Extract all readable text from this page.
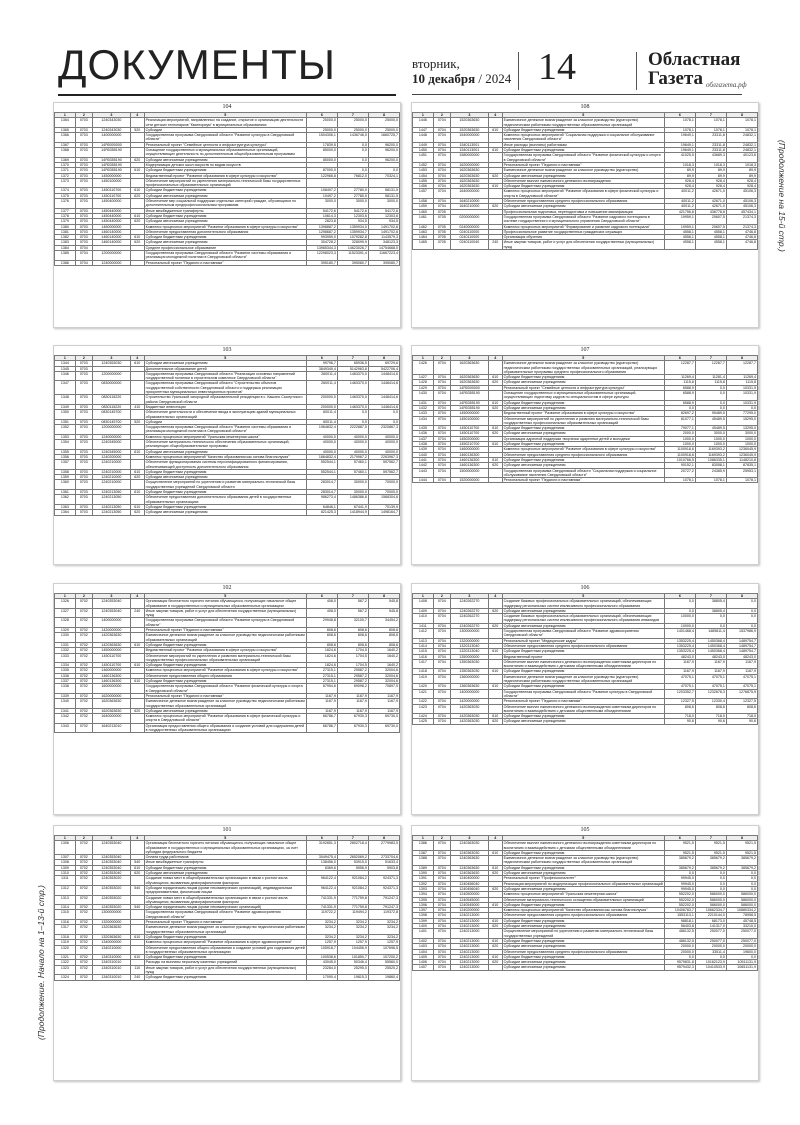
ДОКУМЕНТЫ	вторник,
10 декабря / 2024 14	Областная
Газета облгазета.рф
(Продолжение на 15-й стр.)
(Продолжение. Начало на 1–13-й стр.)
104
1	2	3	4	5	6	7	8
1364	0703	1240343030		Реализация мероприятий, направленных на создание, открытие и организацию деятельности сети детских технопарков "Кванториум" в муниципальных образованиях	25000,0	25000,0	25000,0
1365	0703	1240343030	520	Субсидии	25000,0	25000,0	25000,0
1366	0703	1400000000		Государственная программа Свердловской области "Развитие культуры в Свердловской области"	1504306,1	1436746,0	1660725,7
1367	0703	14Я0000000		Региональный проект "Семейные ценности и инфраструктура культуры"	17839,5	0,0	96200,0
1368	0703	14Я0355190		Оснащение государственных и муниципальных образовательных организаций, осуществляющих деятельность по дополнительным общеобразовательным программам	85000,0	0,0	96200,0
1369	0703	14Я0355190	620	Субсидии автономным учреждениям	85000,0	0,0	96200,0
1370	0703	14Я0355190		Модернизация детских школ искусств по видам искусств			
1371	0703	14Я0355190	610	Субсидии бюджетным учреждениям	87000,0	0,0	0,0
1372	0703	1450000000		Ведомственный проект "Развитие образования в сфере культуры и искусства"	122968,8	76812,0	70324,1
1373	0703	1450100000		Обеспечение мероприятий по укреплению материально-технической базы государственных профессиональных образовательных организаций			
1374	0703	1450110700	610	Субсидии бюджетным учреждениям	108497,2	27780,0	58131,5
1375	0703	1450110700	620	Субсидии автономным учреждениям	10497,2	27780,0	58131,5
1376	0703	1450400000		Обеспечение мер социальной поддержки отдельных категорий граждан, обучающихся по дополнительным предпрофессиональным программам	3000,0	3000,0	3000,0
1377	0703	1450440000		Иные межбюджетные трансферты	54172,6	54172,6	54172,6
1378	0703	1450440000	610	Субсидии бюджетным учреждениям	10614,3	12303,6	12303,6
1379	0703	1450440000	620	Субсидии автономным учреждениям	2823,8	934,5	934,5
1380	0703	1460000000		Комплекс процессных мероприятий "Развитие образования в сфере культуры и искусства"	1398887,2	1359934,0	1491702,6
1381	0703	1460140000		Обеспечение предоставления дополнительного образования	1298687,2	1359934,7	1491702,6
1382	0703	1460140000	610	Субсидии бюджетным учреждениям	993959,0	1079282,8	1143579,3
1383	0703	1460140000	620	Субсидии автономным учреждениям	304728,2	328099,9	348123,3
1384	0704			Среднее профессиональное образование	13965344,3	14623026,7	14754668,0
1385	0704	1200000000		Государственная программа Свердловской области "Развитие системы образования и реализация молодежной политики в Свердловской области"	12298023,3	11523391,4	11667223,4
1386	0704	1240000000		Региональный проект "Педагоги и наставники"	395180,7	395080,7	395080,7
108
1	2	3	4	5	6	7	8
1446	0704	1520363630		Ежемесячное денежное вознаграждение за классное руководство (кураторство) педагогическим работникам государственных образовательных организаций	1078,1	1078,1	1078,1
1447	0704	1520363630	610	Субсидии бюджетным учреждениям	1078,1	1078,1	1078,1
1448	0704	1540000000		Комплекс процессных мероприятий "Социальная поддержка и социальное обслуживание населения Свердловской области"	19649,1	23311,8	24832,1
1449	0704	1540113001		Иные расходы (выплаты) работникам	19649,1	23311,8	24832,1
1450	0704	1540113001	610	Субсидии бюджетным учреждениям	19649,1	23311,8	24832,1
1451	0704	1580000000		Государственная программа Свердловской области "Развитие физической культуры и спорта в Свердловской области"	41025,5	43689,3	40123,6
1452	0704	1620000000		Региональный проект "Педагоги и наставники"	1018,3	1018,3	1018,3
1453	0704	1620363630		Ежемесячное денежное вознаграждение за классное руководство (кураторство)	89,9	89,9	89,9
1454	0704	1620363630	620	Субсидии автономным учреждениям	89,9	89,9	89,9
1455	0704	1620363630		Обеспечение выплат ежемесячного денежного вознаграждения	928,4	928,4	928,4
1456	0704	1620363630	610	Субсидии бюджетным учреждениям	928,4	928,4	928,4
1457	0704	1640000000		Комплекс процессных мероприятий "Развитие образования в сфере физической культуры и спорта в Свердловской области"	40011,2	42671,0	45106,3
1458	0704	1640210000		Обеспечение предоставления среднего профессионального образования	40011,2	42671,0	45106,3
1459	0704	1640210000	620	Субсидии автономным учреждениям	40011,2	42671,0	45106,3
1460	0705			Профессиональная подготовка, переподготовка и повышение квалификации	421756,8	436778,8	457434,1
1461	0705	0200000000		Государственная программа Свердловской области "Развитие кадрового потенциала в системе государственного и муниципального управления Свердловской области"	19959,1	20607,5	21374,3
1462	0705	0240000000		Комплекс процессных мероприятий "Формирование и развитие кадрового потенциала"	19959,1	20607,5	21374,3
1463	0705	0240110000		Профессиональное развитие государственных гражданских служащих	4558,1	4558,1	4746,8
1464	0705	0240110000		Организация обучения	4558,1	4558,1	4746,8
1465	0705	0240110040	240	Иные закупки товаров, работ и услуг для обеспечения государственных (муниципальных) нужд	4558,1	4558,1	4746,8
103
1	2	3	4	5	6	7	8
1344	0703	1240353030	610	Субсидии автономным учреждениям	99796,7	65936,5	69729,6
1345	0703			Дополнительное образование детей	3849349,4	5142963,8	5422706,4
1346	0703	1200000000		Государственная программа Свердловской области "Реализация основных направлений государственной политики в строительном комплексе Свердловской области"	260011,4	1463370,0	1448414,6
1347	0703	0830000000		Государственная программа Свердловской области "Строительство объектов государственной собственности Свердловской области и поддержка реализации приоритетных муниципальных инвестиционных проектов"	260011,4	1463370,0	1448414,6
1348	0703	0830115220		Строительство Уральской загородной образовательной резиденции в с. Кашино Сысертского района Свердловской области	200000,0	1463370,0	1448414,6
1349	0703	0830115220	410	Бюджетные инвестиции	200000,0	1463370,0	1448414,6
1350	0703	0830145700		Обеспечение деятельности и обеспечение ввода в эксплуатацию зданий муниципальных образовательных организаций	60011,4	0,0	0,0
1351	0703	0830145700	520	Субсидии	60011,4	0,0	0,0
1352	0703	1200000000		Государственная программа Свердловской области "Развитие системы образования и реализация молодежной политики в Свердловской области"	1964832,4	2222887,5	2320867,3
1353	0703	1240000000		Комплекс процессных мероприятий "Уральская инженерная школа"	40000,0	40000,0	40000,0
1354	0703	1240345000		Обеспечение материально-технического обеспечения образовательных организаций, реализующих общеобразовательные программы	40000,0	40000,0	40000,0
1355	0703	1240345000	610	Субсидии автономным учреждениям	40000,0	40000,0	40000,0
1356	0703	1240200000		Комплекс процессных мероприятий "Качество образования как основа благополучия"	1864832,4	2179967,2	2263967,3
1357	0703	1240210000		Обеспечение функционирования системы персонифицированного финансирования, обеспечивающей доступность дополнительного образования	552544,1	57460,1	597562,7
1358	0703	1240210000	610	Субсидии бюджетным учреждениям	552544,1	57460,1	597562,7
1359	0703	1240210000	620	Субсидии автономным учреждениям			
1360	0703	1240210000		Осуществление мероприятий по укреплению и развитию материально-технической базы государственных учреждений Свердловской области	283014,7	30000,0	70000,0
1361	0703	1240213050	610	Субсидии бюджетным учреждениям	283014,7	30000,0	70000,0
1362	0703	1240213050		Обеспечение предоставления дополнительного образования детей в государственных образовательных организациях	986273,4	1486386,8	1568304,6
1363	0703	1240213050	610	Субсидии бюджетным учреждениям	64846,1	67441,9	70139,9
1364	0703	1240213050	620	Субсидии автономным учреждениям	821425,3	1418944,9	1498164,7
107
1	2	3	4	5	6	7	8
1426	0704	1620363630		Ежемесячное денежное вознаграждение за классное руководство (кураторство) педагогическим работникам государственных образовательных организаций, реализующих образовательные программы среднего профессионального образования	12287,7	12287,7	12287,7
1427	0704	1620363630	610	Субсидии бюджетным учреждениям	11269,4	11281,4	11269,4
1428	0704	1620363630	620	Субсидии автономным учреждениям	1115,8	1115,8	1115,8
1429	0704	14Я0000000		Региональный проект "Семейные ценности и инфраструктура культуры"	6588,9	0,0	10331,9
1430	0704	14Я0355190		Оснащение государственных и муниципальных образовательных организаций, осуществляющих подготовку кадров по специальностям в сфере культуры	6588,9	0,0	10331,9
1431	0704	14Я0355190	610	Субсидии бюджетным учреждениям	6588,9	0,0	10331,9
1432	0704	14Я0355190	620	Субсидии автономным учреждениям	0,0	0,0	0,0
1433	0704	1450000000		Ведомственный проект "Развитие образования в сфере культуры и искусства"	82697,2	95489,5	77295,0
1434	0704	1450100000		Обеспечение мероприятий по укреплению и развитию материально-технической базы государственных профессиональных образовательных организаций	81077,1	45489,5	15295,0
1435	0704	1450110700	610	Субсидии бюджетным учреждениям	79077,1	45489,5	13295,0
1436	0704	1450110700	620	Субсидии автономным учреждениям	2000,0	3000,0	3000,0
1437	0704	1450200000		Организация адресной поддержки творчески одаренных детей и молодежи	1000,0	1000,0	1000,0
1438	0704	1450210700	610	Субсидии бюджетным учреждениям	1000,0	1000,0	1000,0
1439	0704	1460000000		Комплекс процессных мероприятий "Развитие образования в сфере культуры и искусства"	1100918,6	1169393,2	1236045,9
1440	0704	1460136300		Обеспечение предоставления среднего профессионального образования	1100918,6	1169393,2	1236045,9
1441	0704	1460136300	610	Субсидии бюджетным учреждениям	1010766,5	1086335,1	1148210,8
1442	0704	1460136300	620	Субсидии автономным учреждениям	90152,1	83058,1	87835,1
1443	0704	1500000000		Государственная программа Свердловской области "Социальная поддержка и социальное обслуживание населения Свердловской области"	20727,2	24385,9	25953,1
1444	0704	1520000000		Региональный проект "Педагоги и наставники"	1078,1	1078,1	1078,1
102
1	2	3	4	5	6	7	8
1326	0702	1240353040		Организация бесплатного горячего питания обучающихся, получающих начальное общее образование в государственных и муниципальных образовательных организациях	408,0	567,2	545,8
1327	0702	1240353040	240	Иные закупки товаров, работ и услуг для обеспечения государственных (муниципальных) нужд	408,0	567,2	545,8
1328	0702	1400000000		Государственная программа Свердловской области "Развитие культуры в Свердловской области"	29948,8	32100,7	34454,2
1329	0702	1420000000		Региональный проект "Педагоги и наставники"	808,6	808,6	808,6
1330	0702	1420363630		Ежемесячное денежное вознаграждение за классное руководство педагогическим работникам образовательных организаций	808,6	808,6	808,6
1331	0702	1420363630	610	Субсидии бюджетным учреждениям	808,6	808,6	808,6
1332	0702	1450000000		Ведомственный проект "Развитие образования в сфере культуры и искусства"	1824,6	1704,5	1640,2
1333	0702	1450110700		Обеспечение мероприятий по укреплению и развитию материально-технической базы государственных профессиональных образовательных организаций	1824,6	1704,5	1640,2
1334	0702	1450110700	610	Субсидии бюджетным учреждениям	1824,6	1704,5	1640,2
1335	0702	1460000000		Комплекс процессных мероприятий "Развитие образования в сфере культуры и искусства"	27315,1	29587,2	32004,6
1336	0702	1460136300		Обеспечение предоставления общего образования	27315,1	29587,2	32004,6
1337	0702	1460136300	610	Субсидии бюджетным учреждениям	27315,1	29587,2	32004,6
1338	0702	1600000000		Государственная программа Свердловской области "Развитие физической культуры и спорта в Свердловской области"	67954,6	69098,2	70897,9
1339	0702	1620000000		Региональный проект "Педагоги и наставники"	1167,9	1167,9	1167,9
1340	0702	1620363630		Ежемесячное денежное вознаграждение за классное руководство педагогическим работникам государственных образовательных организаций	1167,9	1167,9	1167,9
1341	0702	1620363630	620	Субсидии автономным учреждениям	1167,9	1167,9	1167,9
1342	0702	1640000000		Комплекс процессных мероприятий "Развитие образования в сфере физической культуры и спорта в Свердловской области"	66786,7	67930,3	69730,0
1343	0702	1640213010		Организация предоставления общего образования и создание условий для содержания детей в государственных образовательных организациях	66786,7	67930,3	69730,0
106
1	2	3	4	5	6	7	8
1408	0704	1240262270		Создание базовых профессиональных образовательных организаций, обеспечивающих поддержку региональных систем инклюзивного профессионального образования	0,0	38805,4	0,0
1409	0704	1240262270	620	Субсидии автономным учреждениям	0,0	38805,4	0,0
1410	0704	1240262270		Создание базовых профессиональных образовательных организаций, обеспечивающих поддержку региональных систем инклюзивного профессионального образования инвалидов	10000,0	0,0	0,0
1411	0704	1240262270	620	Субсидии автономным учреждениям	10000,0	0,0	0,0
1412	0704	1300000000		Государственная программа Свердловской области "Развитие здравоохранения Свердловской области"	1401468,4	1489811,4	1537986,9
1413	0704	1320000000		Региональный проект "Медицинские кадры"	1353225,4	1450368,4	1489754,7
1414	0704	1320313040		Обеспечение предоставления среднего профессионального образования	1353225,4	1450368,4	1489754,7
1415	0704	1320313040	610	Субсидии бюджетным учреждениям	1353225,4	1450368,4	1489754,7
1416	0704	1350000000		Ведомственный проект	48243,0	48243,0	48243,0
1417	0704	1350363030		Обеспечение выплат ежемесячного денежного вознаграждения советникам директоров по воспитанию и взаимодействию с детскими общественными объединениями	1167,9	1167,9	1167,9
1418	0704	1350363030	610	Субсидии бюджетным учреждениям	1167,9	1167,9	1167,9
1419	0704	1360000000		Ежемесячное денежное вознаграждение за классное руководство (кураторство) педагогическим работникам государственных образовательных организаций	47075,1	47075,1	47075,1
1420	0704	1360363630	610	Субсидии бюджетным учреждениям	47075,1	47075,1	47075,1
1421	0704	1400000000		Государственная программа Свердловской области "Развитие культуры в Свердловской области"	1203352,7	1232678,3	1276875,9
1422	0704	1420000000		Региональный проект "Педагоги и наставники"	12327,5	12330,4	12327,5
1423	0704	1420363030		Обеспечение выплат ежемесячного денежного вознаграждения советникам директоров по воспитанию и взаимодействию с детскими общественными объединениями	808,6	808,6	808,6
1424	0704	1420363030	610	Субсидии бюджетным учреждениям	718,0	718,0	718,0
1425	0704	1420363030	620	Субсидии автономным учреждениям	90,6	90,6	90,6
101
1	2	3	4	5	6	7	8
1306	0702	1240353040		Организация бесплатного горячего питания обучающихся, получающих начальное общее образование в государственных и муниципальных образовательных организациях, за счет субсидии федерального бюджета	3192851,3	2802718,4	2779983,5
1307	0702	1240353040		Оплата труда работников	3049475,4	2652069,2	2733704,6
1308	0702	1240353040	540	Иные межбюджетные трансферты	138456,0	53915,0	51633,4
1309	0702	1240353040	610	Субсидии бюджетным учреждениям	6369,6	5956,9	5903,8
1310	0702	1240353040	620	Субсидии автономным учреждениям			
1311	0702	1240353020		Создание новых мест в общеобразовательных организациях в связи с ростом числа обучающихся, вызванным демографическим фактором	964122,4	921084,2	924371,3
1312	0702	1240353020	540	Субсидии юридическим лицам (кроме некоммерческих организаций), индивидуальным предпринимателям, физическим лицам	964122,4	921084,2	924371,3
1313	0702	1240353020		Создание новых мест в общеобразовательных организациях в связи с ростом числа обучающихся, вызванным демографическим фактором	741331,9	771759,8	791247,3
1314	0702	1240353020	540	Субсидии юридическим лицам (кроме некоммерческих организаций)	741331,9	771759,8	791247,3
1315	0702	1300000000		Государственная программа Свердловской области "Развитие здравоохранения Свердловской области"	119722,2	119494,2	119372,8
1316	0702	1320000000		Региональный проект "Педагоги и наставники"	3234,2	3234,2	3234,2
1317	0702	1320363630		Ежемесячное денежное вознаграждение за классное руководство педагогическим работникам государственных образовательных организаций	3234,2	3234,2	3234,2
1318	0702	1320363630	610	Субсидии бюджетным учреждениям	3234,2	3234,2	3234,2
1319	0702	1340000000		Комплекс процессных мероприятий "Развитие образования в сфере здравоохранения"	1257,9	1257,9	1257,9
1320	0702	1340210000		Обеспечение предоставления общего образования и создание условий для содержания детей в государственных образовательных организациях	105918,7	104456,9	107696,5
1321	0702	1340310000	610	Субсидии бюджетным учреждениям	100538,6	101850,7	107200,2
1322	0702	1340310010		Расходы на выплаты персоналу казенных учреждений	43045,0	50346,4	55560,0
1323	0702	1340310010	110	Иные закупки товаров, работ и услуг для обеспечения государственных (муниципальных) нужд	23284,0	25295,0	25520,2
1324	0702	1340310010	240	Субсидии бюджетным учреждениям	17090,4	19815,3	19860,4
105
1	2	3	4	5	6	7	8
1386	0704	1240363030		Обеспечение выплат ежемесячного денежного вознаграждения советникам директоров по воспитанию и взаимодействию с детскими общественными объединениями	9521,5	9521,5	9521,5
1387	0704	1240363030	610	Субсидии бюджетным учреждениям	9521,5	9521,5	9521,5
1388	0704	1240363630		Ежемесячное денежное вознаграждение за классное руководство (кураторство) педагогическим работникам государственных образовательных организаций	385679,2	385679,2	385679,2
1389	0704	1240363630	610	Субсидии бюджетным учреждениям	385679,2	385679,2	385679,2
1390	0704	1240363630	620	Субсидии автономным учреждениям	0,0	0,0	0,0
1391	0704	1240400000		Региональный проект "Профессионалитет"	99945,0	0,0	0,0
1392	0704	1240456040		Реализация мероприятий по модернизации профессиональных образовательных организаций	99945,0	0,0	0,0
1393	0704	1240456040	620	Субсидии автономным учреждениям	99945,0	0,0	0,0
1394	0704	1240500000		Комплекс процессных мероприятий "Уральская инженерная школа"	552202,0	586000,0	586000,0
1395	0704	1240545000		Обеспечение материально-технического оснащения образовательных организаций	552202,0	586000,0	586000,0
1396	0704	1240545000	610	Субсидии бюджетным учреждениям	552202,0	586000,0	586000,0
1397	0704	1240200000		Комплекс процессных мероприятий "Качество образования как основа благополучия"	10406783,7	10662334,7	10880334,2
1398	0704	1240213000		Обеспечение предоставления среднего профессионального образования	1553113,1	2210144,0	78958,5
1399	0704	1240213000	610	Субсидии бюджетным учреждениям	98818,1	68173,0	45748,5
1400	0704	1240213000	620	Субсидии автономным учреждениям	56403,8	141317,0	33210,0
1401	0704	1240213000		Осуществление мероприятий по укреплению и развитию материально-технической базы государственных учреждений	486132,5	250077,0	250077,0
1402	0704	1240213000	610	Субсидии бюджетным учреждениям	486132,5	250077,0	250077,0
1403	0704	1240213000	620	Субсидии автономным учреждениям	20000,0	20000,0	20000,0
1404	0704	1240213000		Обеспечение предоставления среднего профессионального образования	20000,0	33511,4	19600,0
1405	0704	1240213000	610	Субсидии бюджетным учреждениям	0,0	0,0	0,0
1406	0704	1240213000	620	Субсидии автономным учреждениям	9579831,8	10162123,9	10511131,9
1407	0704	1240213000		Субсидии автономным учреждениям	9579432,3	10410533,9	10651131,9
